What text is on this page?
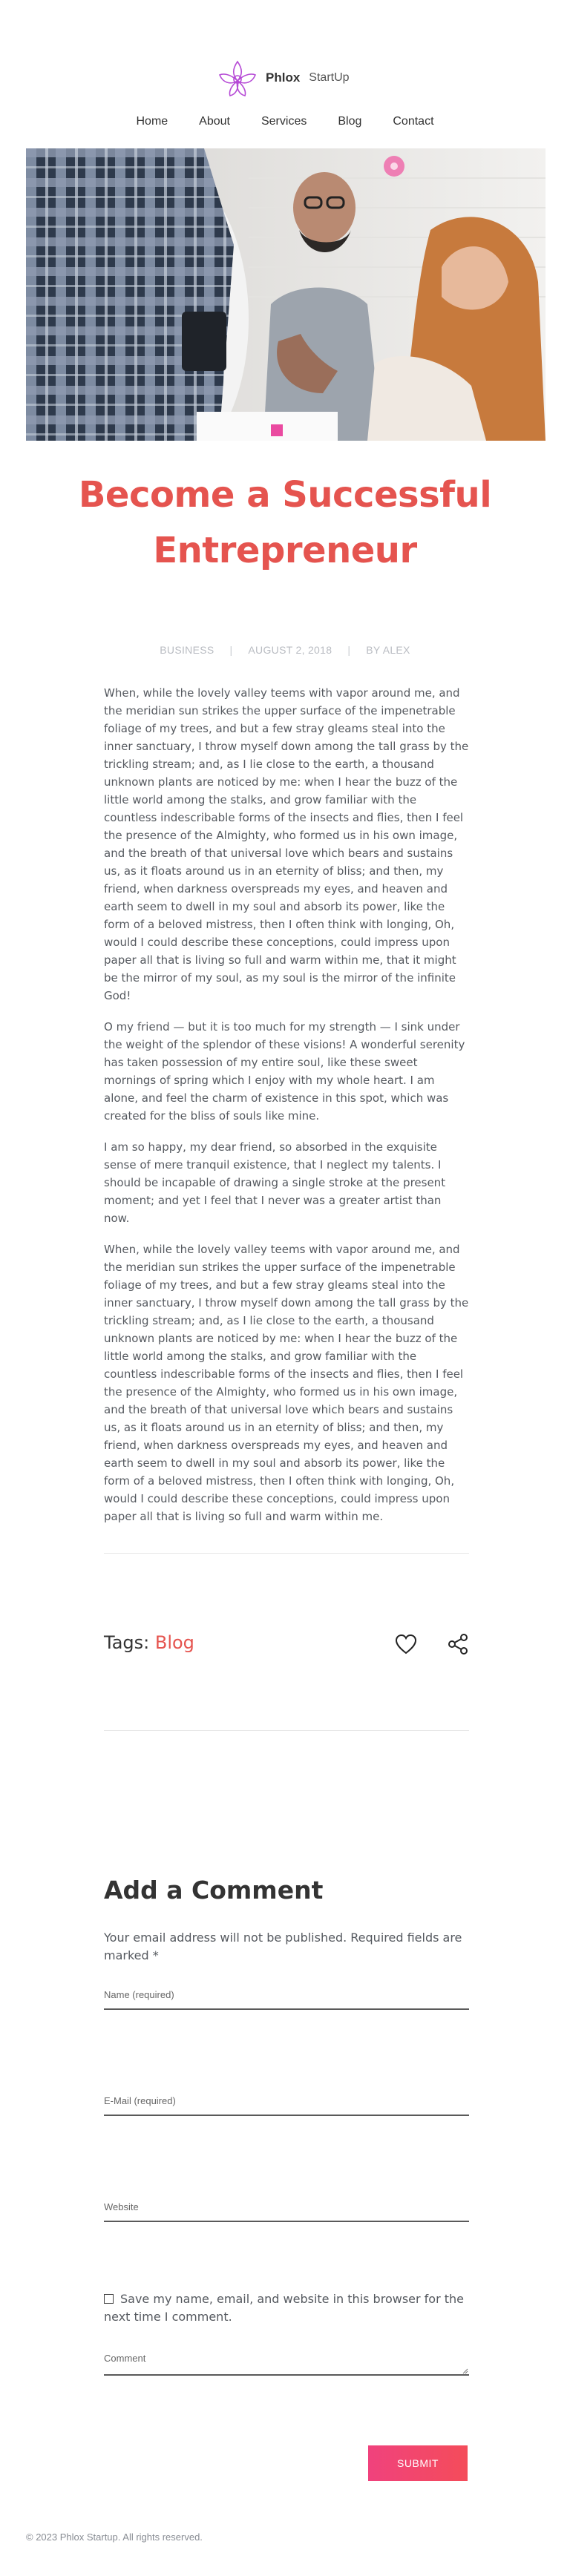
Phlox StartUp
Home	About	Services	Blog	Contact
Become a Successful Entrepreneur
BUSINESS | AUGUST 2, 2018 | BY ALEX

When, while the lovely valley teems with vapor around me, and the meridian sun strikes the upper surface of the impenetrable foliage of my trees, and but a few stray gleams steal into the inner sanctuary, I throw myself down among the tall grass by the trickling stream; and, as I lie close to the earth, a thousand unknown plants are noticed by me: when I hear the buzz of the little world among the stalks, and grow familiar with the countless indescribable forms of the insects and flies, then I feel the presence of the Almighty, who formed us in his own image, and the breath of that universal love which bears and sustains us, as it floats around us in an eternity of bliss; and then, my friend, when darkness overspreads my eyes, and heaven and earth seem to dwell in my soul and absorb its power, like the form of a beloved mistress, then I often think with longing, Oh, would I could describe these conceptions, could impress upon paper all that is living so full and warm within me, that it might be the mirror of my soul, as my soul is the mirror of the infinite God!

O my friend — but it is too much for my strength — I sink under the weight of the splendor of these visions! A wonderful serenity has taken possession of my entire soul, like these sweet mornings of spring which I enjoy with my whole heart. I am alone, and feel the charm of existence in this spot, which was created for the bliss of souls like mine.

I am so happy, my dear friend, so absorbed in the exquisite sense of mere tranquil existence, that I neglect my talents. I should be incapable of drawing a single stroke at the present moment; and yet I feel that I never was a greater artist than now.

When, while the lovely valley teems with vapor around me, and the meridian sun strikes the upper surface of the impenetrable foliage of my trees, and but a few stray gleams steal into the inner sanctuary, I throw myself down among the tall grass by the trickling stream; and, as I lie close to the earth, a thousand unknown plants are noticed by me: when I hear the buzz of the little world among the stalks, and grow familiar with the countless indescribable forms of the insects and flies, then I feel the presence of the Almighty, who formed us in his own image, and the breath of that universal love which bears and sustains us, as it floats around us in an eternity of bliss; and then, my friend, when darkness overspreads my eyes, and heaven and earth seem to dwell in my soul and absorb its power, like the form of a beloved mistress, then I often think with longing, Oh, would I could describe these conceptions, could impress upon paper all that is living so full and warm within me.

Tags: Blog
Add a Comment

Your email address will not be published. Required fields are marked *

Name (required)
E-Mail (required)
Website
Save my name, email, and website in this browser for the next time I comment.
Comment
SUBMIT
© 2023 Phlox Startup. All rights reserved.
